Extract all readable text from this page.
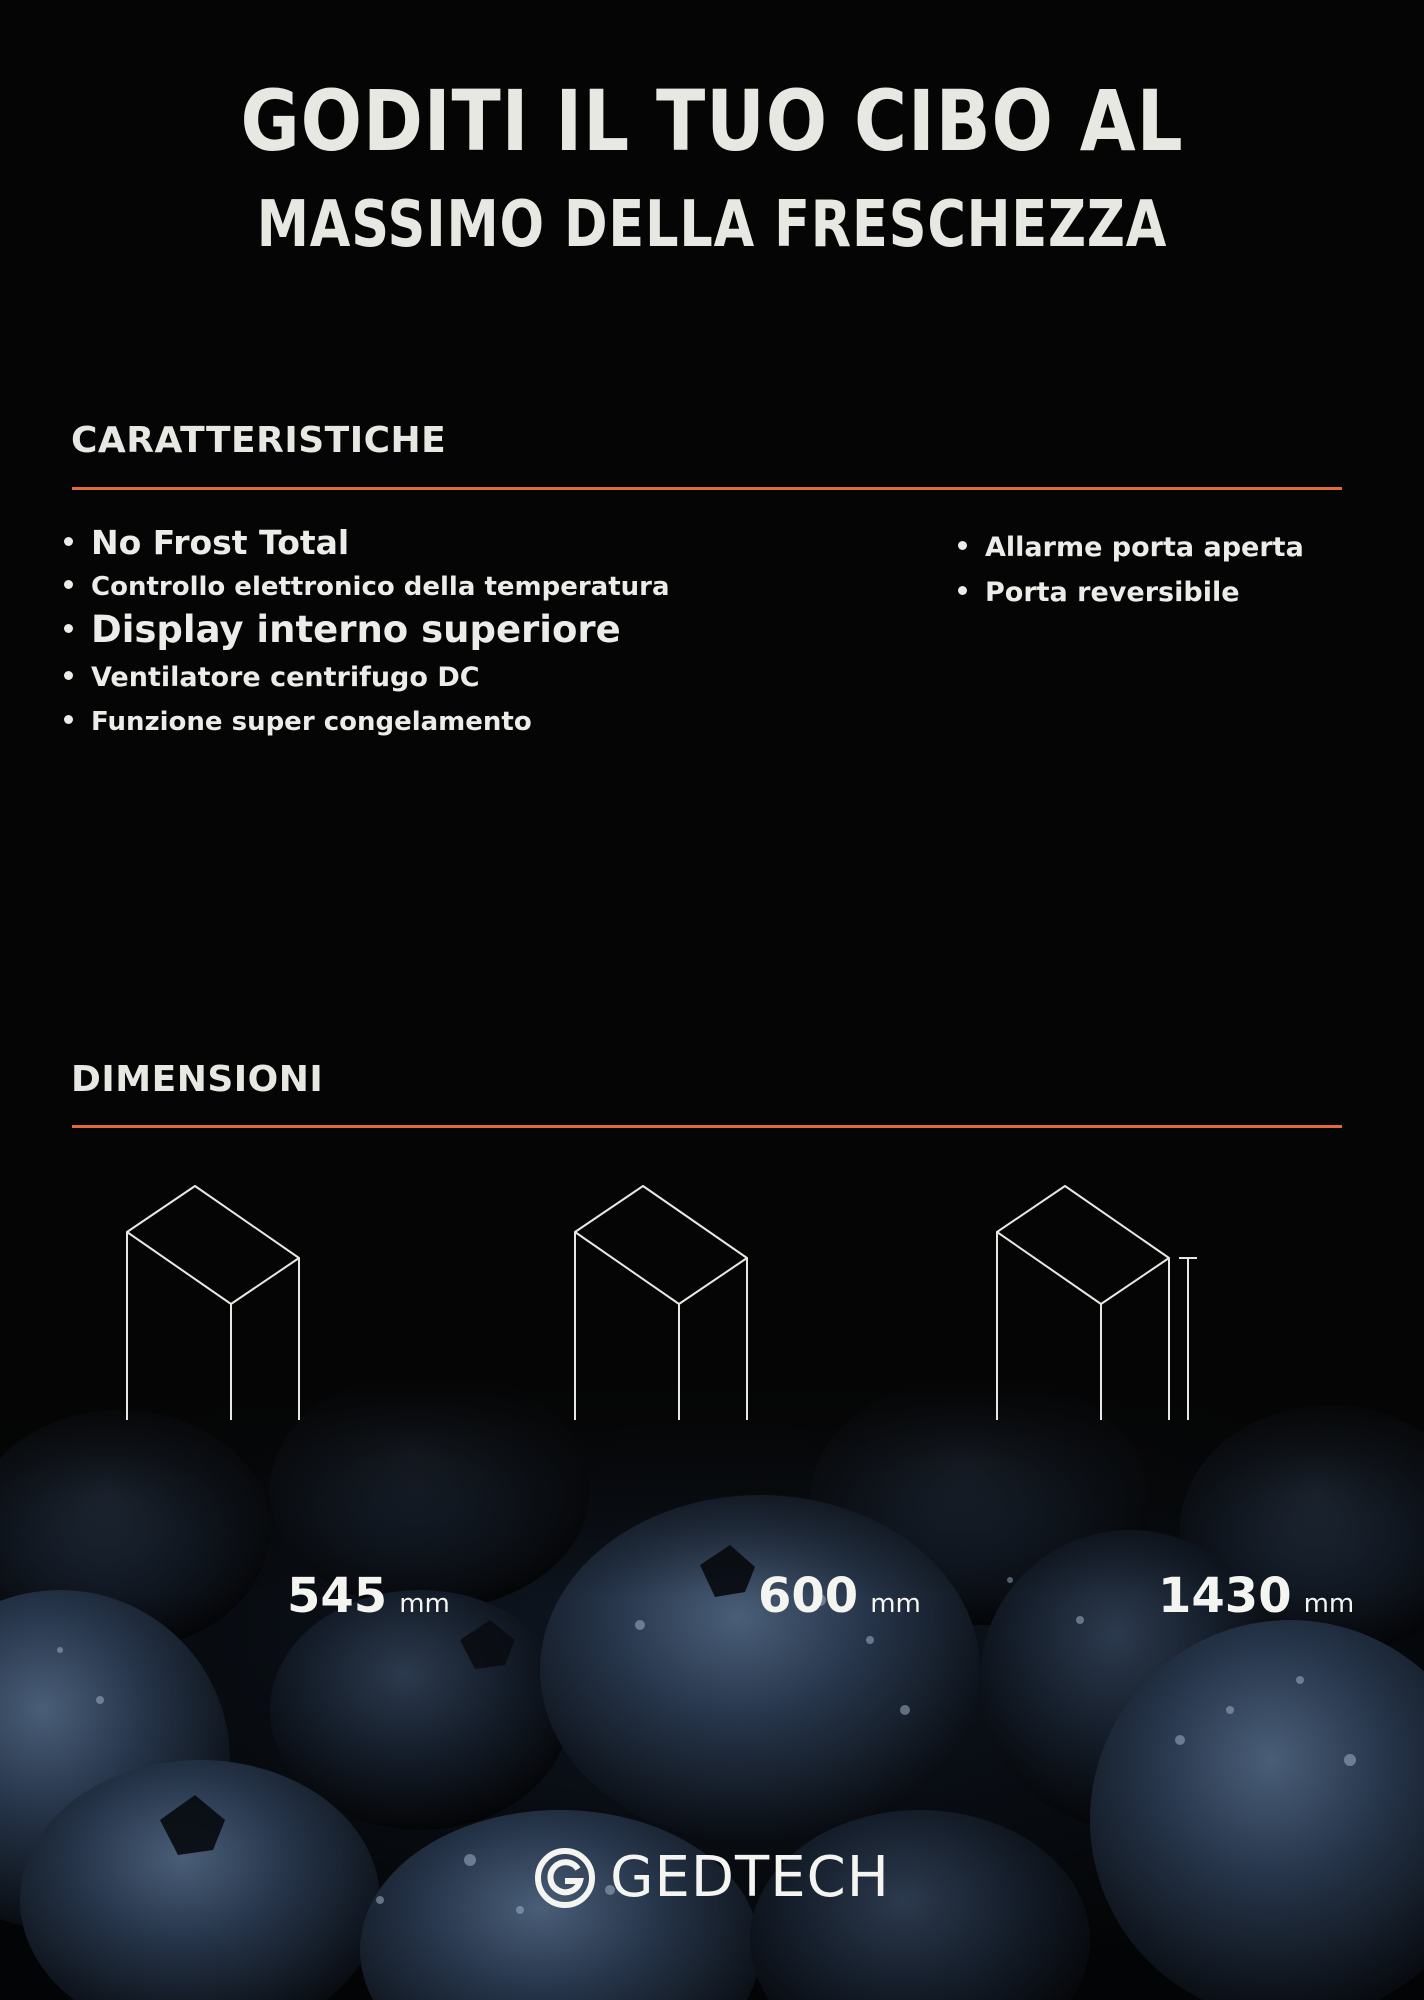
GODITI IL TUO CIBO AL
MASSIMO DELLA FRESCHEZZA
CARATTERISTICHE
No Frost Total
Controllo elettronico della temperatura
Display interno superiore
Ventilatore centrifugo DC
Funzione super congelamento
Allarme porta aperta
Porta reversibile
DIMENSIONI
545 mm	600 mm	1430 mm
GEDTECH
